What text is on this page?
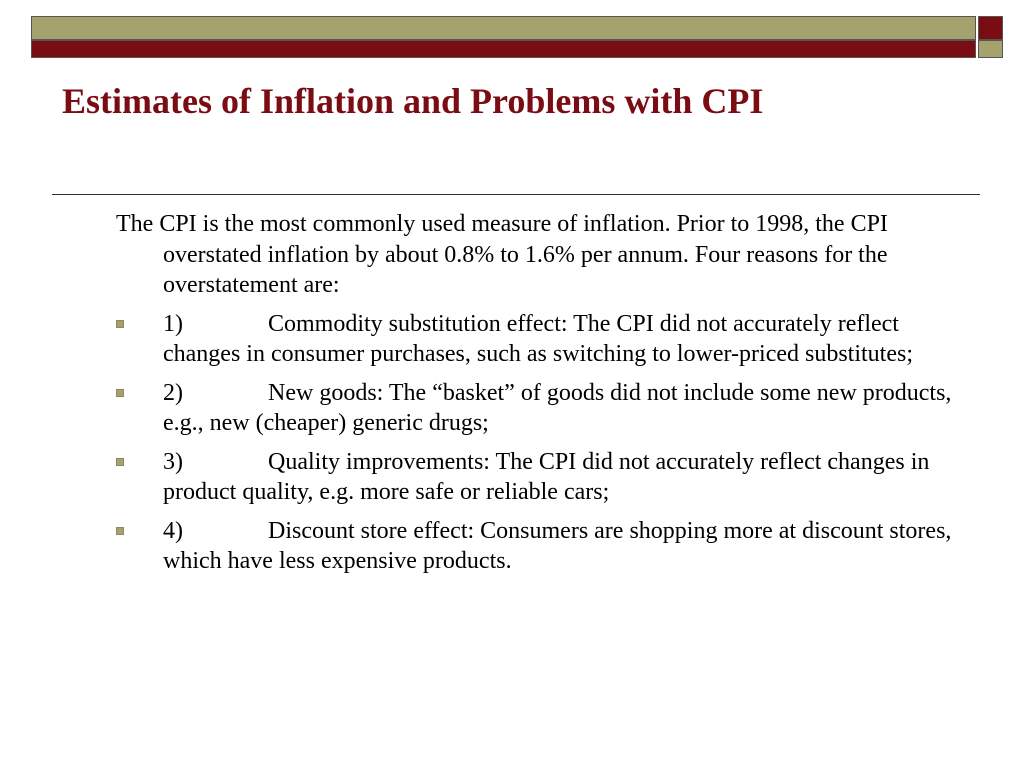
Estimates of Inflation and Problems with CPI

The CPI is the most commonly used measure of inflation. Prior to 1998, the CPI overstated inflation by about 0.8% to 1.6% per annum. Four reasons for the overstatement are:

1)	Commodity substitution effect: The CPI did not accurately reflect changes in consumer purchases, such as switching to lower-priced substitutes;
2)	New goods: The “basket” of goods did not include some new products, e.g., new (cheaper) generic drugs;
3)	Quality improvements: The CPI did not accurately reflect changes in product quality, e.g. more safe or reliable cars;
4)	Discount store effect: Consumers are shopping more at discount stores, which have less expensive products.
